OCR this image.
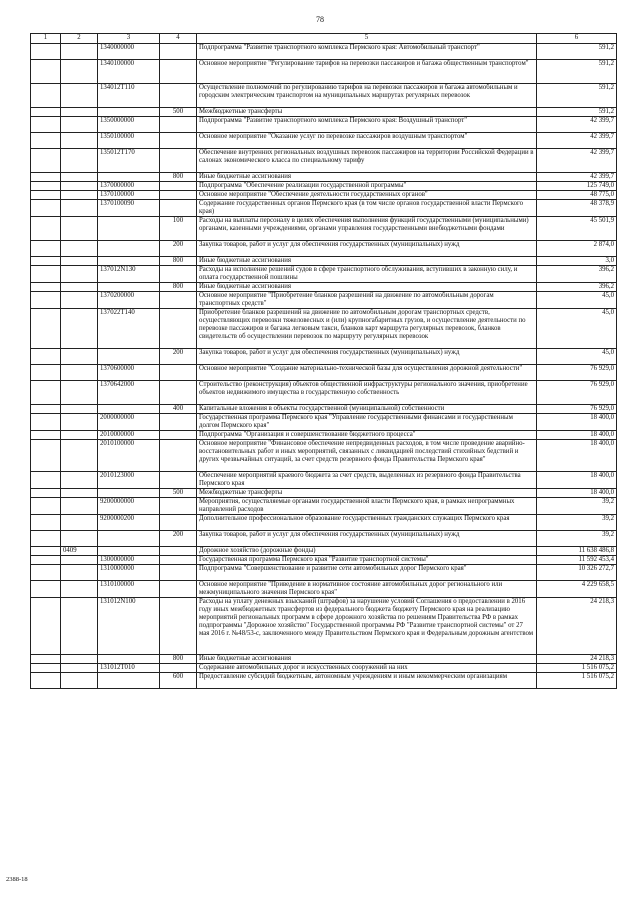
78
1	2	3	4	5	6
		1340000000		Подпрограмма "Развитие транспортного комплекса Пермского края: Автомобильный транспорт"	591,2
		1340100000		Основное мероприятие "Регулирование тарифов на перевозки пассажиров и багажа общественным транспортом"	591,2
		134012Т110		Осуществление полномочий по регулированию тарифов на перевозки пассажиров и багажа автомобильным и городским электрическим транспортом на муниципальных маршрутах регулярных перевозок	591,2
			500	Межбюджетные трансферты	591,2
		1350000000		Подпрограмма "Развитие транспортного комплекса Пермского края: Воздушный транспорт"	42 399,7
		1350100000		Основное мероприятие "Оказание услуг по перевозке пассажиров воздушным транспортом"	42 399,7
		135012Т170		Обеспечение внутренних региональных воздушных перевозок пассажиров на территории Российской Федерации в салонах экономического класса по специальному тарифу	42 399,7
			800	Иные бюджетные ассигнования	42 399,7
		1370000000		Подпрограмма "Обеспечение реализации государственной программы"	125 749,0
		1370100000		Основное мероприятие "Обеспечение деятельности государственных органов"	48 775,0
		1370100090		Содержание государственных органов Пермского края (в том числе органов государственной власти Пермского края)	48 378,9
			100	Расходы на выплаты персоналу в целях обеспечения выполнения функций государственными (муниципальными) органами, казенными учреждениями, органами управления государственными внебюджетными фондами	45 501,9
			200	Закупка товаров, работ и услуг для обеспечения государственных (муниципальных) нужд	2 874,0
			800	Иные бюджетные ассигнования	3,0
		137012N130		Расходы на исполнение решений судов в сфере транспортного обслуживания, вступивших в законную силу, и оплата государственной пошлины	396,2
			800	Иные бюджетные ассигнования	396,2
		1370200000		Основное мероприятие "Приобретение бланков разрешений на движение по автомобильным дорогам транспортных средств"	45,0
		137022Т140		Приобретение бланков разрешений на движение по автомобильным дорогам транспортных средств, осуществляющих перевозки тяжеловесных и (или) крупногабаритных грузов, и осуществление деятельности по перевозке пассажиров и багажа легковым такси, бланков карт маршрута регулярных перевозок, бланков свидетельств об осуществлении перевозок по маршруту регулярных перевозок	45,0
			200	Закупка товаров, работ и услуг для обеспечения государственных (муниципальных) нужд	45,0
		1370600000		Основное мероприятие "Создание материально-технической базы для осуществления дорожной деятельности"	76 929,0
		1370642000		Строительство (реконструкция) объектов общественной инфраструктуры регионального значения, приобретение объектов недвижимого имущества в государственную собственность	76 929,0
			400	Капитальные вложения в объекты государственной (муниципальной) собственности	76 929,0
		2000000000		Государственная программа Пермского края "Управление государственными финансами и государственным долгом Пермского края"	18 400,0
		2010000000		Подпрограмма "Организация и совершенствование бюджетного процесса"	18 400,0
		2010100000		Основное мероприятие "Финансовое обеспечение непредвиденных расходов, в том числе проведение аварийно-восстановительных работ и иных мероприятий, связанных с ликвидацией последствий стихийных бедствий и других чрезвычайных ситуаций, за счет средств резервного фонда Правительства Пермского края"	18 400,0
		2010123000		Обеспечение мероприятий краевого бюджета за счет средств, выделенных из резервного фонда Правительства Пермского края	18 400,0
			500	Межбюджетные трансферты	18 400,0
		9200000000		Мероприятия, осуществляемые органами государственной власти Пермского края, в рамках непрограммных направлений расходов	39,2
		9200000200		Дополнительное профессиональное образование государственных гражданских служащих Пермского края	39,2
			200	Закупка товаров, работ и услуг для обеспечения государственных (муниципальных) нужд	39,2
	0409			Дорожное хозяйство (дорожные фонды)	11 638 486,8
		1300000000		Государственная программа Пермского края "Развитие транспортной системы"	11 592 453,4
		1310000000		Подпрограмма "Совершенствование и развитие сети автомобильных дорог Пермского края"	10 326 272,7
		1310100000		Основное мероприятие "Приведение в нормативное состояние автомобильных дорог регионального или межмуниципального значения Пермского края"	4 229 658,5
		131012N100		Расходы на уплату денежных взысканий (штрафов) за нарушение условий Соглашения о предоставлении в 2016 году иных межбюджетных трансфертов из федерального бюджета бюджету Пермского края на реализацию мероприятий региональных программ в сфере дорожного хозяйства по решениям Правительства РФ в рамках подпрограммы "Дорожное хозяйство" Государственной программы РФ "Развитие транспортной системы" от 27 мая 2016 г. №48/53-с, заключенного между Правительством Пермского края и Федеральным дорожным агентством	24 218,3
			800	Иные бюджетные ассигнования	24 218,3
		131012Т010		Содержание автомобильных дорог и искусственных сооружений на них	1 516 075,2
			600	Предоставление субсидий бюджетным, автономным учреждениям и иным некоммерческим организациям	1 516 075,2
2388-18
